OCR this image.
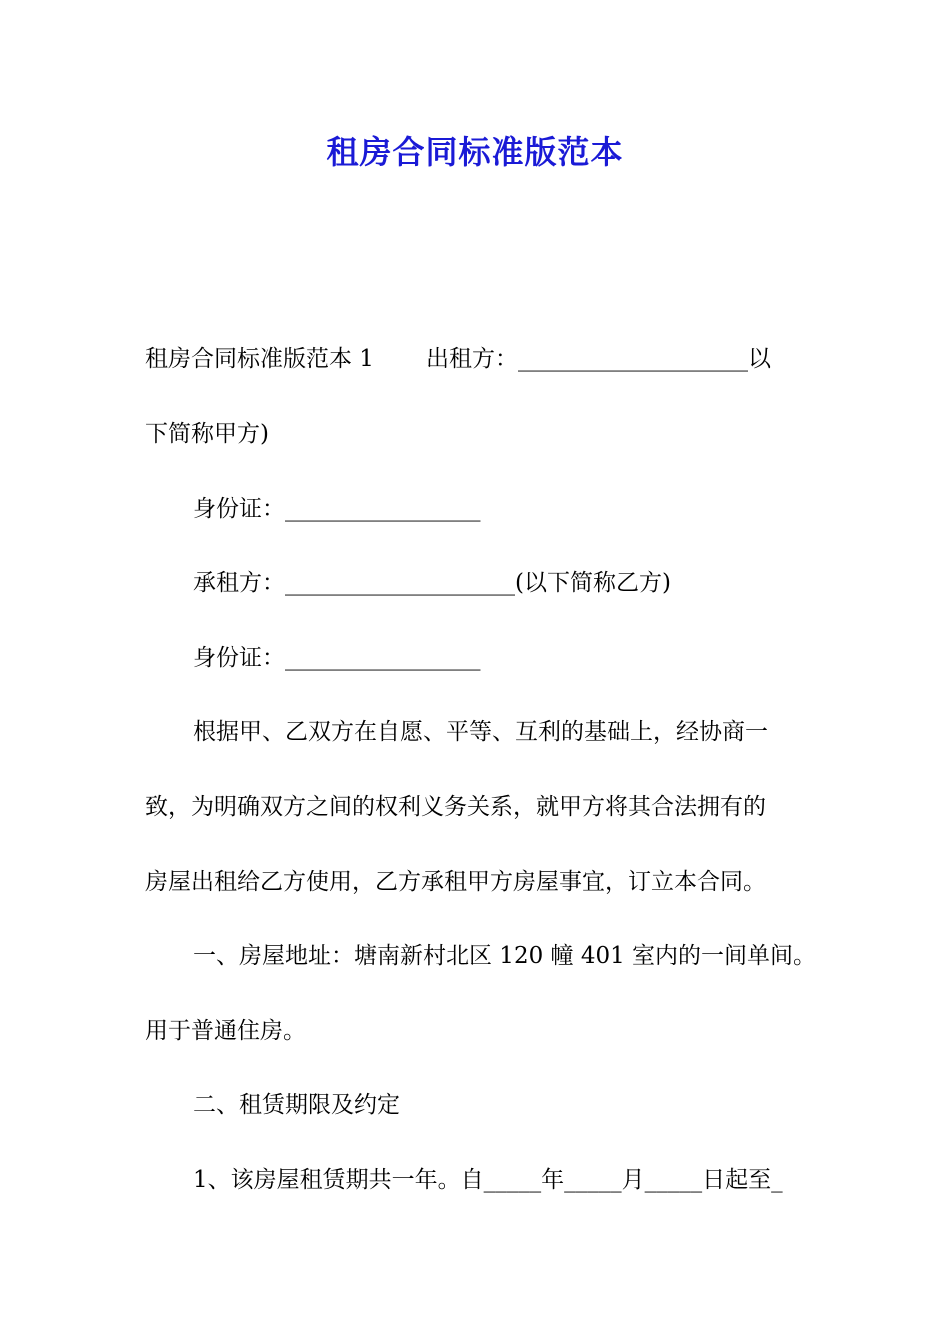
租房合同标准版范本
租房合同标准版范本 1 出租方：____________________以
下简称甲方)
身份证：_________________
承租方：____________________(以下简称乙方)
身份证：_________________
根据甲、乙双方在自愿、平等、互利的基础上，经协商一
致，为明确双方之间的权利义务关系，就甲方将其合法拥有的
房屋出租给乙方使用，乙方承租甲方房屋事宜，订立本合同。
一、房屋地址：塘南新村北区 120 幢 401 室内的一间单间。
用于普通住房。
二、租赁期限及约定
1、该房屋租赁期共一年。自_____年_____月_____日起至_
